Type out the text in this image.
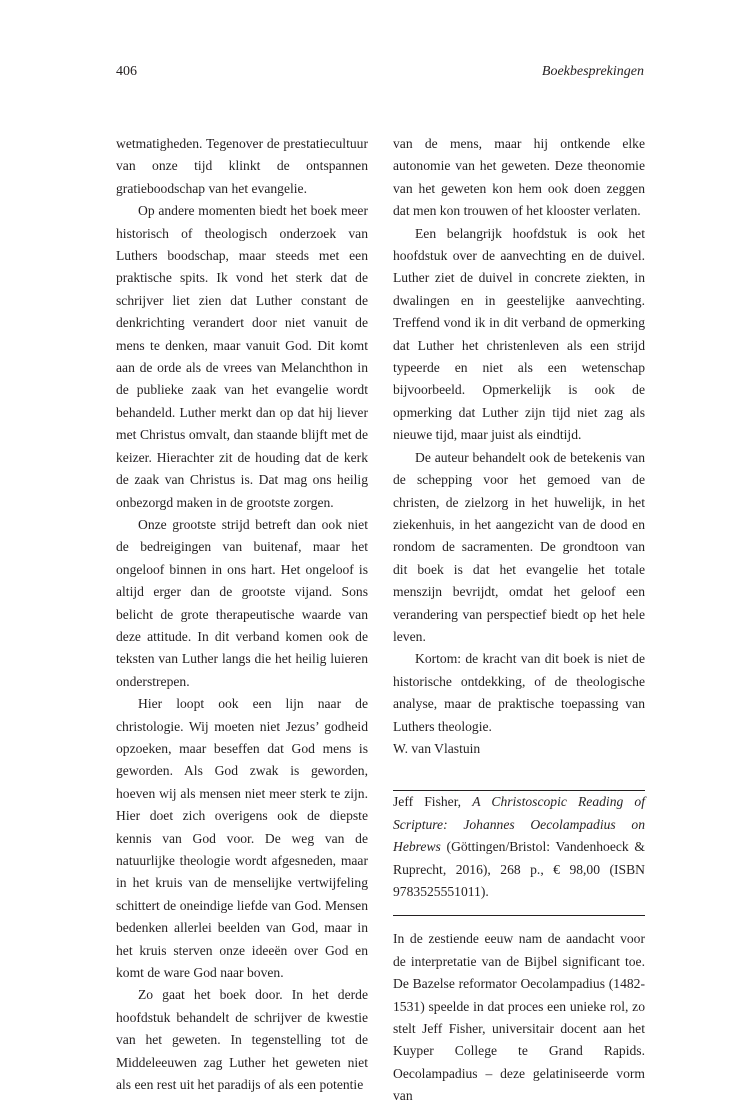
406	Boekbesprekingen

wetmatigheden. Tegenover de prestatiecultuur van onze tijd klinkt de ontspannen gratieboodschap van het evangelie.

Op andere momenten biedt het boek meer historisch of theologisch onderzoek van Luthers boodschap, maar steeds met een praktische spits. Ik vond het sterk dat de schrijver liet zien dat Luther constant de denkrichting verandert door niet vanuit de mens te denken, maar vanuit God. Dit komt aan de orde als de vrees van Melanchthon in de publieke zaak van het evangelie wordt behandeld. Luther merkt dan op dat hij liever met Christus omvalt, dan staande blijft met de keizer. Hierachter zit de houding dat de kerk de zaak van Christus is. Dat mag ons heilig onbezorgd maken in de grootste zorgen.

Onze grootste strijd betreft dan ook niet de bedreigingen van buitenaf, maar het ongeloof binnen in ons hart. Het ongeloof is altijd erger dan de grootste vijand. Sons belicht de grote therapeutische waarde van deze attitude. In dit verband komen ook de teksten van Luther langs die het heilig luieren onderstrepen.

Hier loopt ook een lijn naar de christologie. Wij moeten niet Jezus’ godheid opzoeken, maar beseffen dat God mens is geworden. Als God zwak is geworden, hoeven wij als mensen niet meer sterk te zijn. Hier doet zich overigens ook de diepste kennis van God voor. De weg van de natuurlijke theologie wordt afgesneden, maar in het kruis van de menselijke vertwijfeling schittert de oneindige liefde van God. Mensen bedenken allerlei beelden van God, maar in het kruis sterven onze ideeën over God en komt de ware God naar boven.

Zo gaat het boek door. In het derde hoofdstuk behandelt de schrijver de kwestie van het geweten. In tegenstelling tot de Middeleeuwen zag Luther het geweten niet als een rest uit het paradijs of als een potentie

van de mens, maar hij ontkende elke autonomie van het geweten. Deze theonomie van het geweten kon hem ook doen zeggen dat men kon trouwen of het klooster verlaten.

Een belangrijk hoofdstuk is ook het hoofdstuk over de aanvechting en de duivel. Luther ziet de duivel in concrete ziekten, in dwalingen en in geestelijke aanvechting. Treffend vond ik in dit verband de opmerking dat Luther het christenleven als een strijd typeerde en niet als een wetenschap bijvoorbeeld. Opmerkelijk is ook de opmerking dat Luther zijn tijd niet zag als nieuwe tijd, maar juist als eindtijd.

De auteur behandelt ook de betekenis van de schepping voor het gemoed van de christen, de zielzorg in het huwelijk, in het ziekenhuis, in het aangezicht van de dood en rondom de sacramenten. De grondtoon van dit boek is dat het evangelie het totale menszijn bevrijdt, omdat het geloof een verandering van perspectief biedt op het hele leven.

Kortom: de kracht van dit boek is niet de historische ontdekking, of de theologische analyse, maar de praktische toepassing van Luthers theologie.

W. van Vlastuin

Jeff Fisher, A Christoscopic Reading of Scripture: Johannes Oecolampadius on Hebrews (Göttingen/Bristol: Vandenhoeck & Ruprecht, 2016), 268 p., € 98,00 (ISBN 9783525551011).

In de zestiende eeuw nam de aandacht voor de interpretatie van de Bijbel significant toe. De Bazelse reformator Oecolampadius (1482-1531) speelde in dat proces een unieke rol, zo stelt Jeff Fisher, universitair docent aan het Kuyper College te Grand Rapids. Oecolampadius – deze gelatiniseerde vorm van
